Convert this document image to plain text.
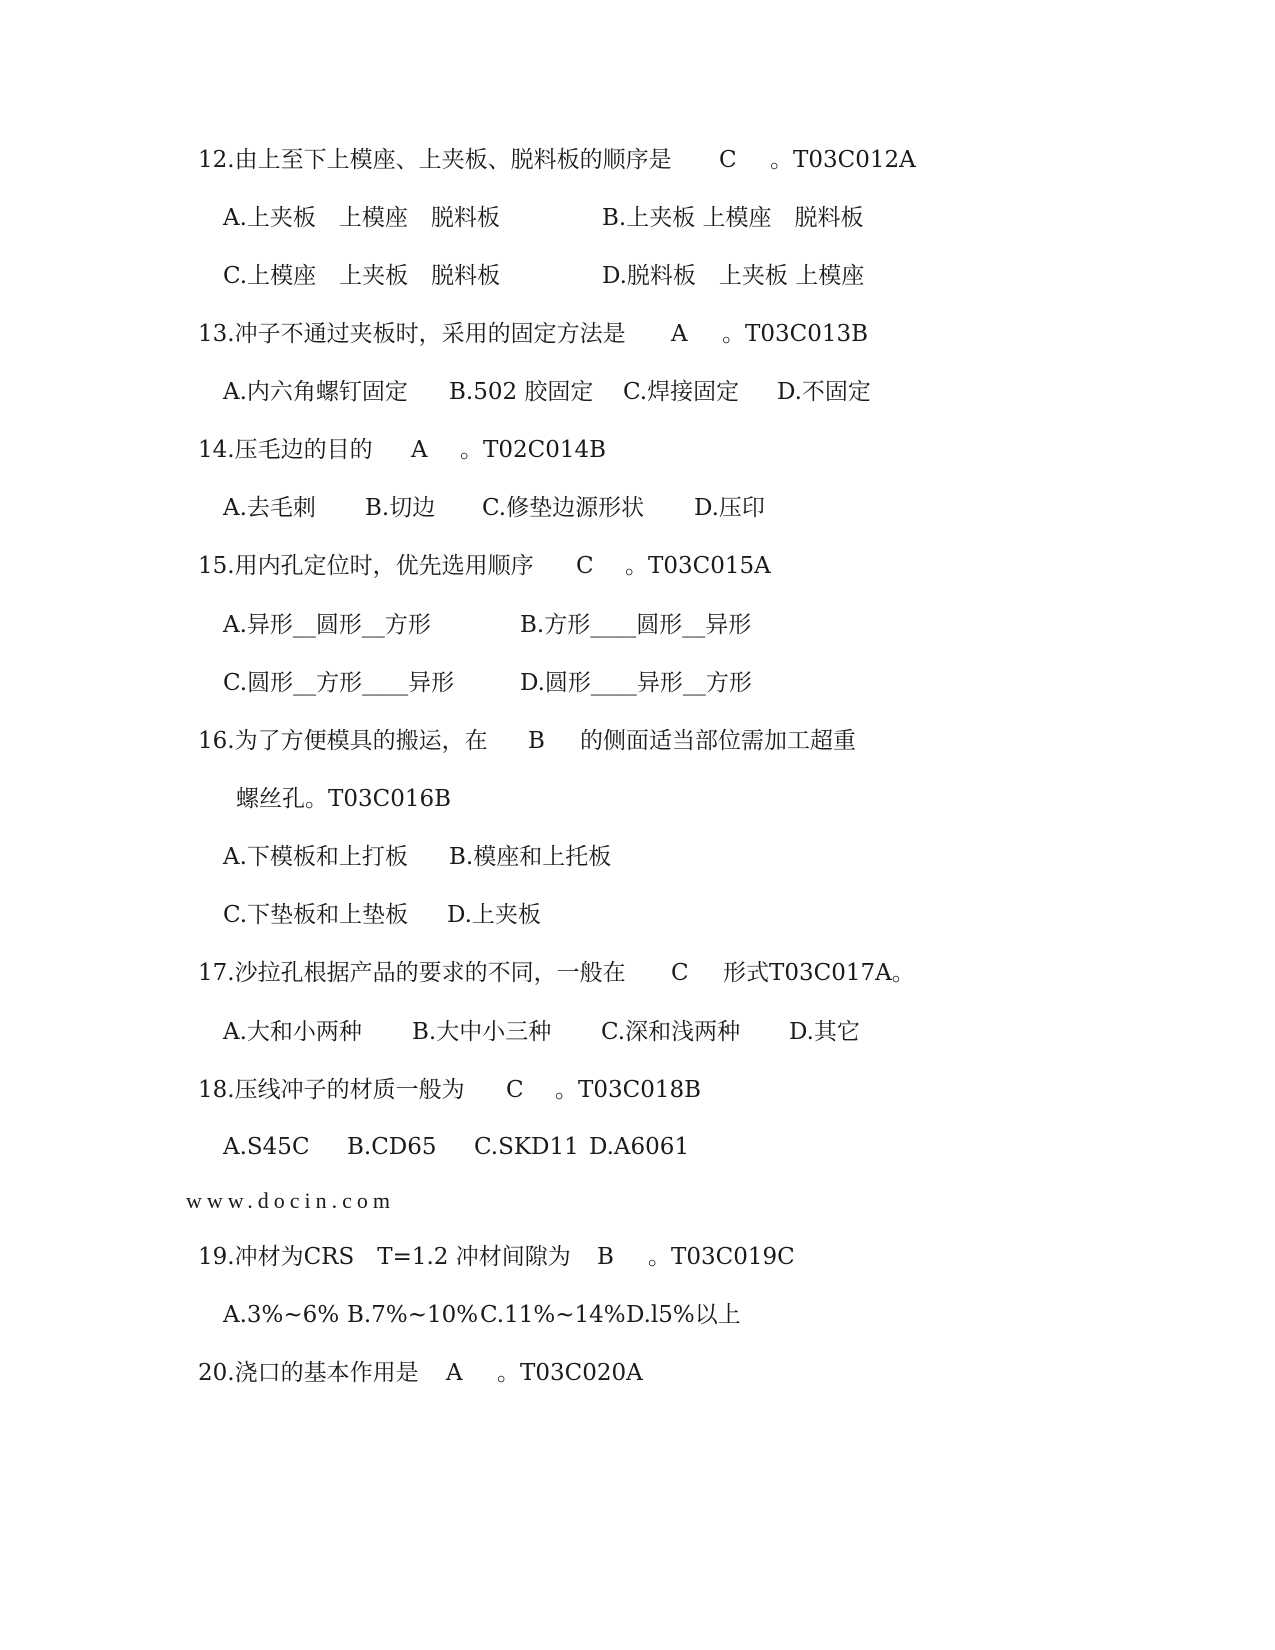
12.由上至下上模座、上夹板、脱料板的顺序是

C

。T03C012A

A.上夹板　上模座　脱料板

	B.上夹板 上模座　脱料板

C.上模座　上夹板　脱料板

	D.脱料板　上夹板 上模座

13.冲子不通过夹板时，采用的固定方法是

A

。T03C013B

A.内六角螺钉固定

B.502 胶固定

C.焊接固定

D.不固定

14.压毛边的目的

A

。T02C014B

A.去毛刺

B.切边

C.修垫边源形状

D.压印

15.用内孔定位时，优先选用顺序

C

。T03C015A

A.异形__圆形__方形

	B.方形____圆形__异形

C.圆形__方形____异形

	D.圆形____异形__方形

16.为了方便模具的搬运，在

B

的侧面适当部位需加工超重

螺丝孔。T03C016B

A.下模板和上打板

B.模座和上托板

C.下垫板和上垫板

D.上夹板

17.沙拉孔根据产品的要求的不同，一般在

C

形式T03C017A。

A.大和小两种

B.大中小三种

C.深和浅两种

D.其它

18.压线冲子的材质一般为

C

。T03C018B

A.S45C

B.CD65

C.SKD11

D.A6061

www.docin.com

19.冲材为CRS　T=1.2 冲材间隙为

B

。T03C019C

A.3%~6%

B.7%~10%

C.11%~14%

D.l5%以上

20.浇口的基本作用是

A

。T03C020A
